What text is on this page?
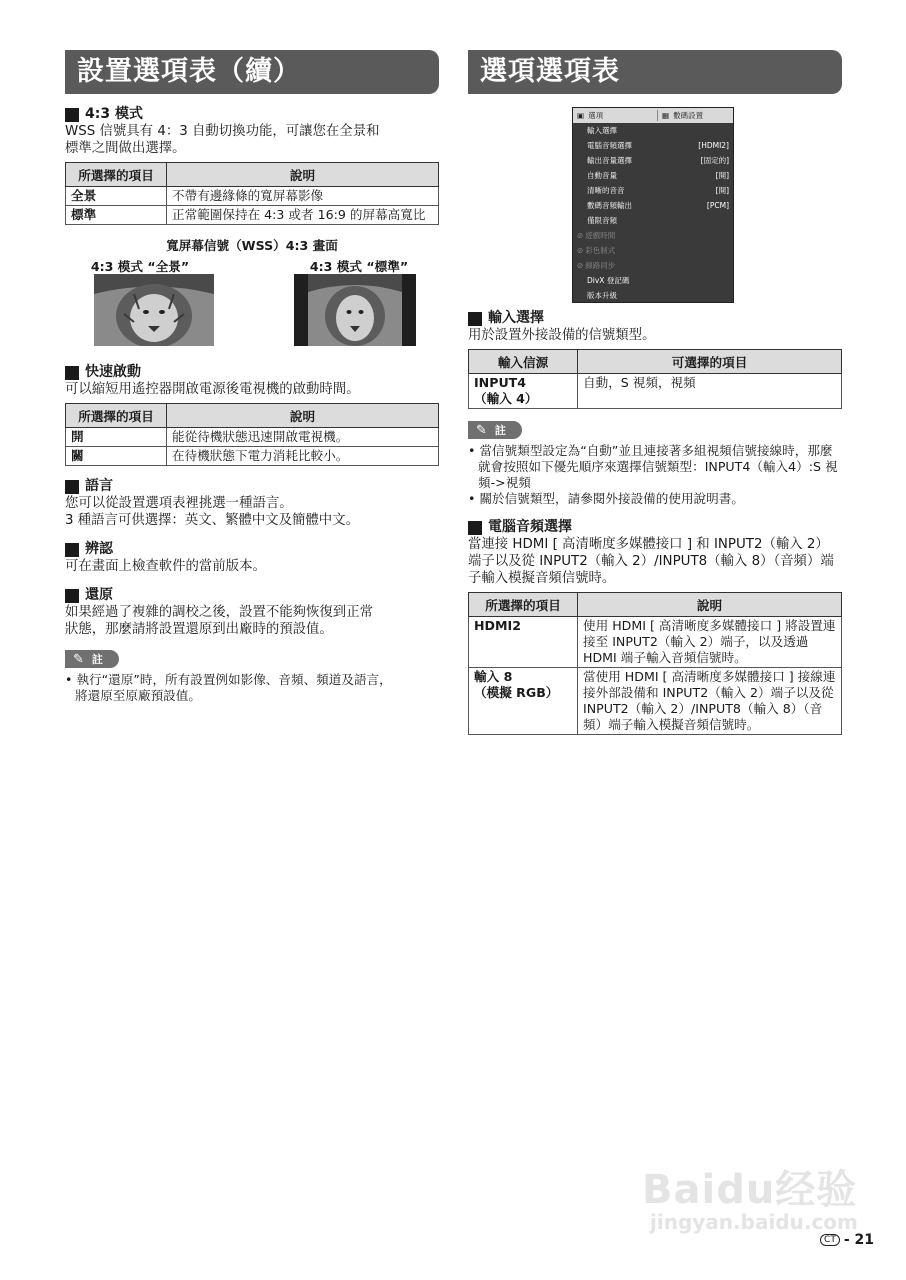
設置選項表（續）
4:3 模式
WSS 信號具有 4：3 自動切換功能，可讓您在全景和
標準之間做出選擇。
所選擇的項目	說明
全景	不帶有邊緣條的寬屏幕影像
標準	正常範圍保持在 4:3 或者 16:9 的屏幕高寬比
寬屏幕信號（WSS）4:3 畫面
4:3 模式 “全景”	4:3 模式 “標準”
快速啟動
可以縮短用遙控器開啟電源後電視機的啟動時間。
所選擇的項目	說明
開	能從待機狀態迅速開啟電視機。
關	在待機狀態下電力消耗比較小。
語言
您可以從設置選項表裡挑選一種語言。
3 種語言可供選擇：英文、繁體中文及簡體中文。
辨認
可在畫面上檢查軟件的當前版本。
還原
如果經過了複雜的調校之後，設置不能夠恢復到正常
狀態，那麼請將設置還原到出廠時的預設值。
✎ 註
• 執行“還原”時，所有設置例如影像、音頻、頻道及語言，
將還原至原廠預設值。
選項選項表
▣ 選項	▦ 數碼設置
輸入選擇
電腦音頻選擇	[HDMI2]
輸出音量選擇	[固定的]
自動音量	[開]
清晰的音音	[開]
數碼音頻輸出	[PCM]
僅限音頻
⊘ 遊戲時間
⊘ 彩色制式
⊘ 線路同步
DivX 登記碼
版本升級
輸入選擇
用於設置外接設備的信號類型。
輸入信源	可選擇的項目
INPUT4
（輸入 4）	自動，S 視頻，視頻
✎ 註
• 當信號類型設定為“自動”並且連接著多組視頻信號接線時，那麼就會按照如下優先順序來選擇信號類型：INPUT4（輸入4）:S 視頻->視頻
• 關於信號類型，請參閱外接設備的使用說明書。
電腦音頻選擇
當連接 HDMI [ 高清晰度多媒體接口 ] 和 INPUT2（輸入 2）端子以及從 INPUT2（輸入 2）/INPUT8（輸入 8）（音頻）端子輸入模擬音頻信號時。
所選擇的項目	說明
HDMI2	使用 HDMI [ 高清晰度多媒體接口 ] 將設置連接至 INPUT2（輸入 2）端子，以及透過 HDMI 端子輸入音頻信號時。
輸入 8
（模擬 RGB）	當使用 HDMI [ 高清晰度多媒體接口 ] 接線連接外部設備和 INPUT2（輸入 2）端子以及從 INPUT2（輸入 2）/INPUT8（輸入 8）（音頻）端子輸入模擬音頻信號時。
Baidu经验
jingyan.baidu.com
CT - 21
